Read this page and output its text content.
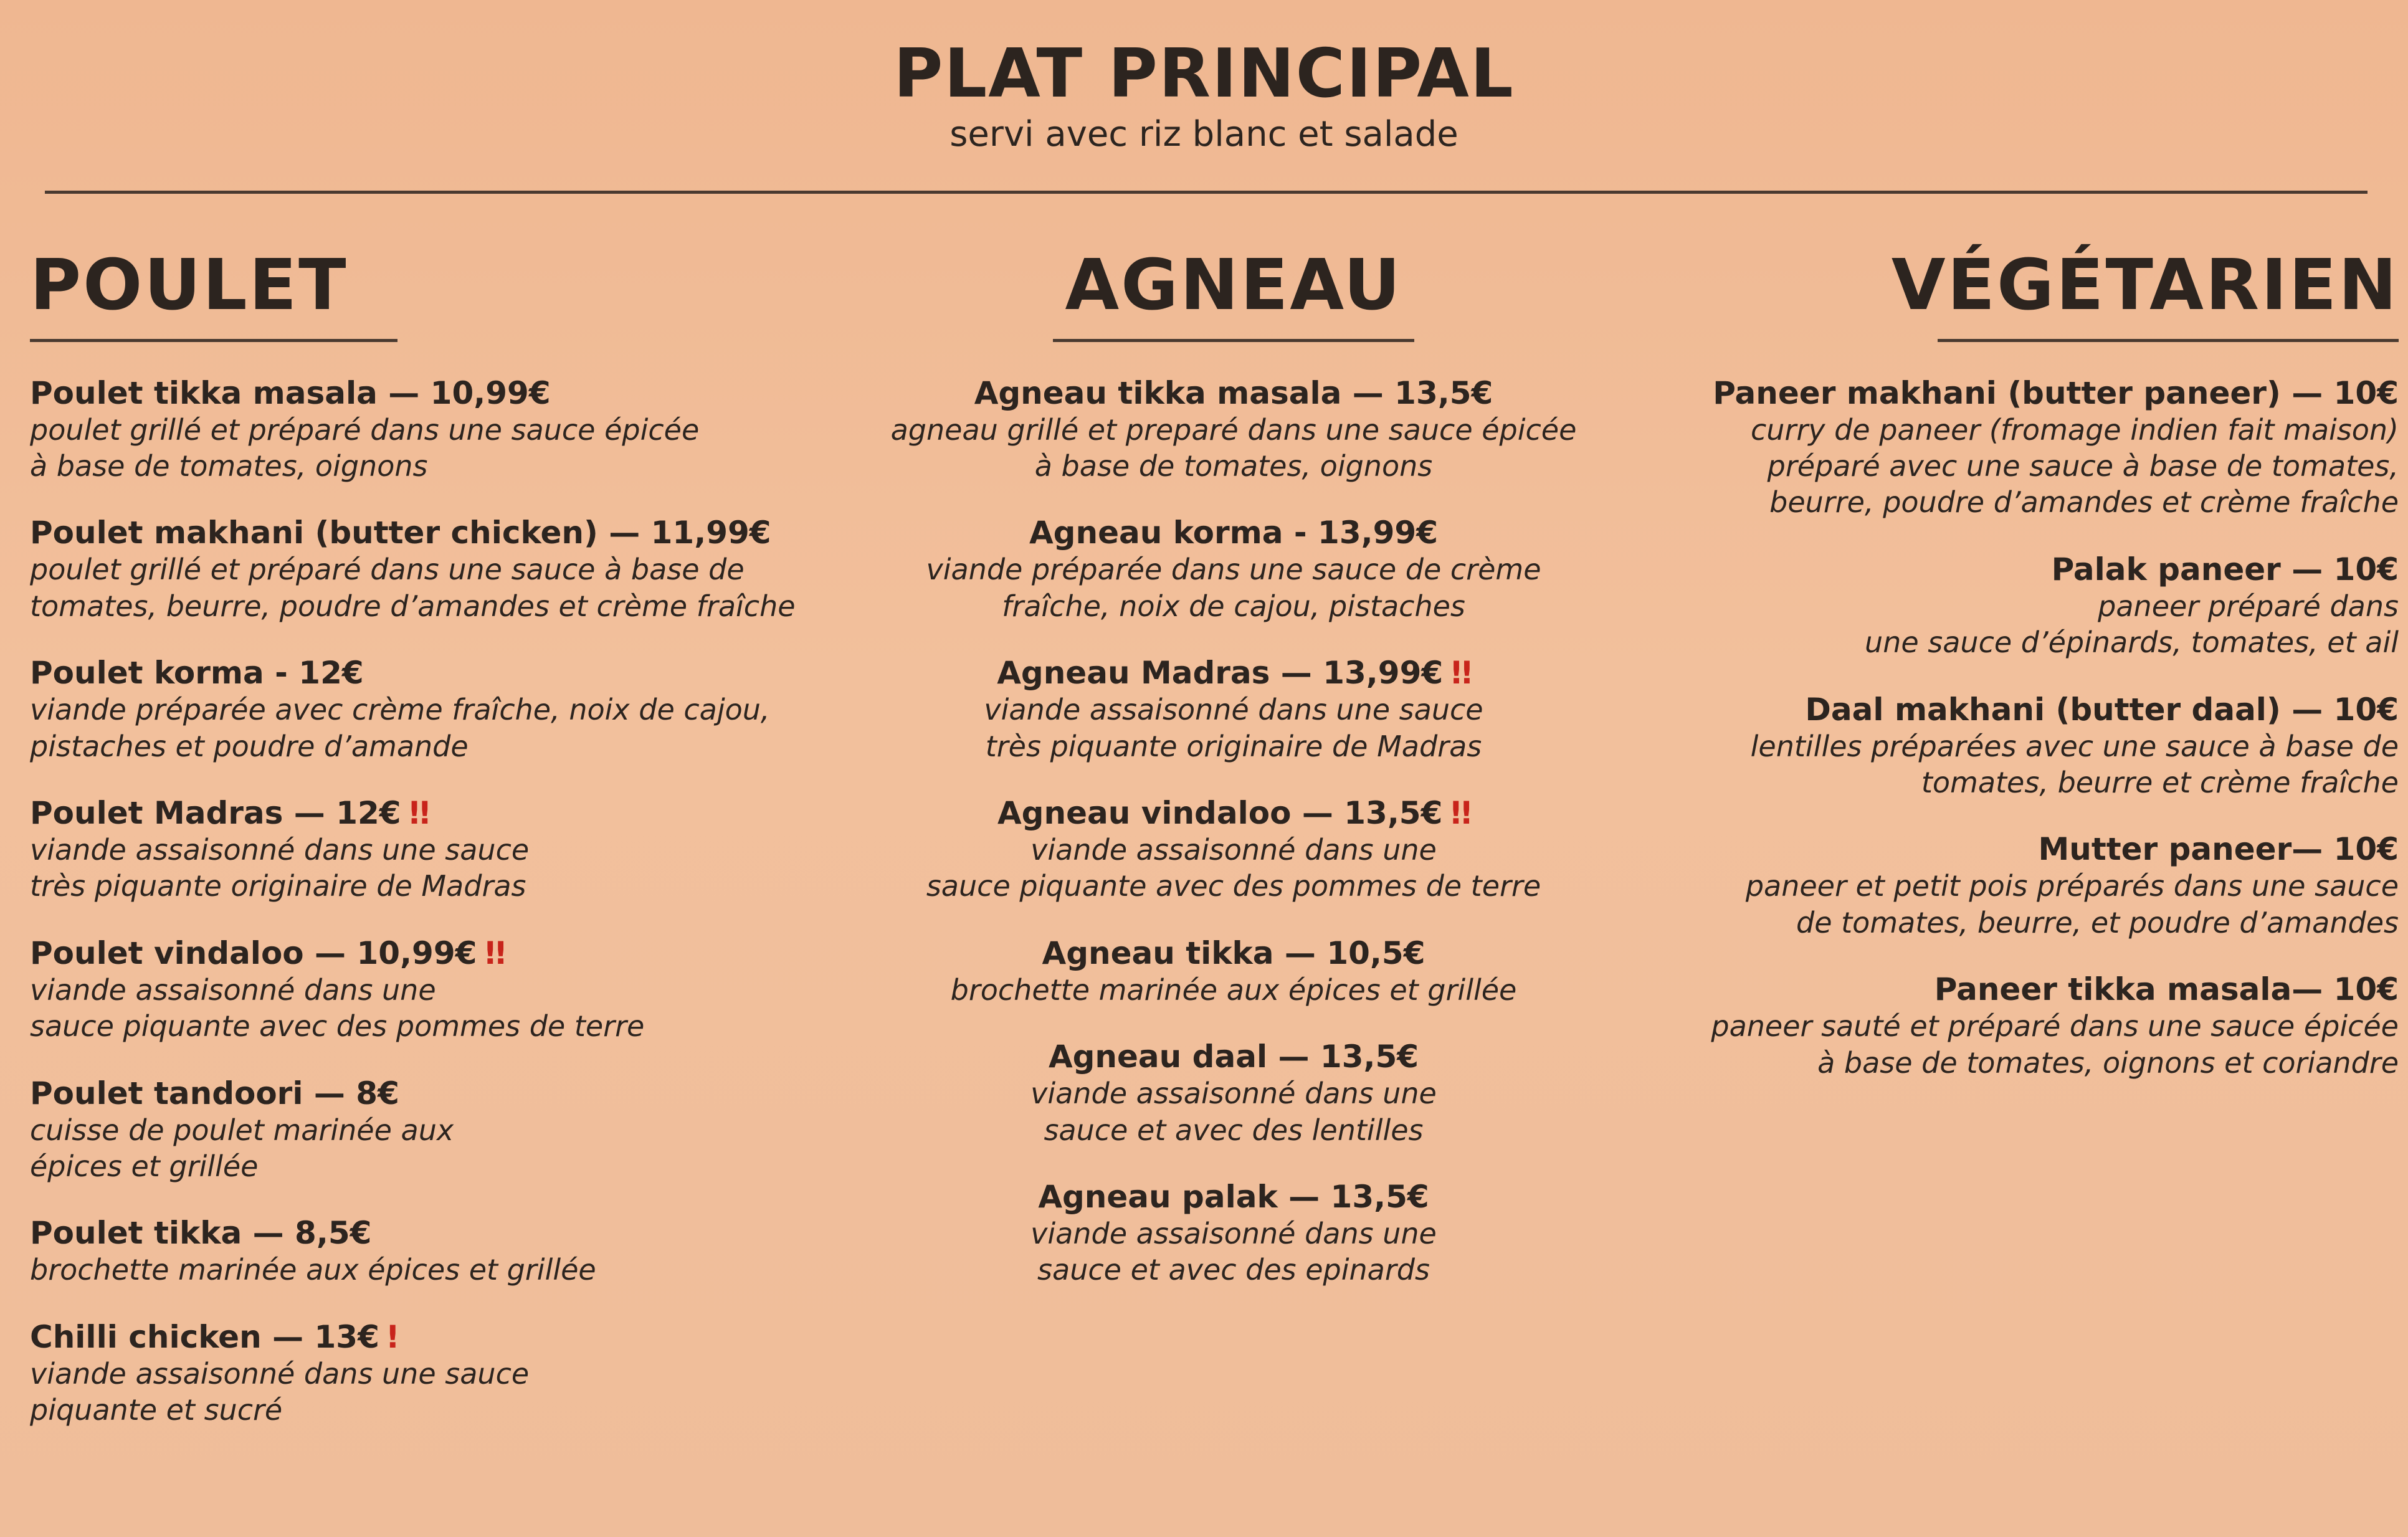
PLAT PRINCIPAL
servi avec riz blanc et salade
POULET
Poulet tikka masala — 10,99€
poulet grillé et préparé dans une sauce épicée
à base de tomates, oignons
Poulet makhani (butter chicken) — 11,99€
poulet grillé et préparé dans une sauce à base de
tomates, beurre, poudre d’amandes et crème fraîche
Poulet korma - 12€
viande préparée avec crème fraîche, noix de cajou,
pistaches et poudre d’amande
Poulet Madras — 12€ !!
viande assaisonné dans une sauce
très piquante originaire de Madras
Poulet vindaloo — 10,99€ !!
viande assaisonné dans une
sauce piquante avec des pommes de terre
Poulet tandoori — 8€
cuisse de poulet marinée aux
épices et grillée
Poulet tikka — 8,5€
brochette marinée aux épices et grillée
Chilli chicken — 13€ !
viande assaisonné dans une sauce
piquante et sucré
AGNEAU
Agneau tikka masala — 13,5€
agneau grillé et preparé dans une sauce épicée
à base de tomates, oignons
Agneau korma - 13,99€
viande préparée dans une sauce de crème
fraîche, noix de cajou, pistaches
Agneau Madras — 13,99€ !!
viande assaisonné dans une sauce
très piquante originaire de Madras
Agneau vindaloo — 13,5€ !!
viande assaisonné dans une
sauce piquante avec des pommes de terre
Agneau tikka — 10,5€
brochette marinée aux épices et grillée
Agneau daal — 13,5€
viande assaisonné dans une
sauce et avec des lentilles
Agneau palak — 13,5€
viande assaisonné dans une
sauce et avec des epinards
VÉGÉTARIEN
Paneer makhani (butter paneer) — 10€
curry de paneer (fromage indien fait maison)
préparé avec une sauce à base de tomates,
beurre, poudre d’amandes et crème fraîche
Palak paneer — 10€
paneer préparé dans
une sauce d’épinards, tomates, et ail
Daal makhani (butter daal) — 10€
lentilles préparées avec une sauce à base de
tomates, beurre et crème fraîche
Mutter paneer— 10€
paneer et petit pois préparés dans une sauce
de tomates, beurre, et poudre d’amandes
Paneer tikka masala— 10€
paneer sauté et préparé dans une sauce épicée
à base de tomates, oignons et coriandre
